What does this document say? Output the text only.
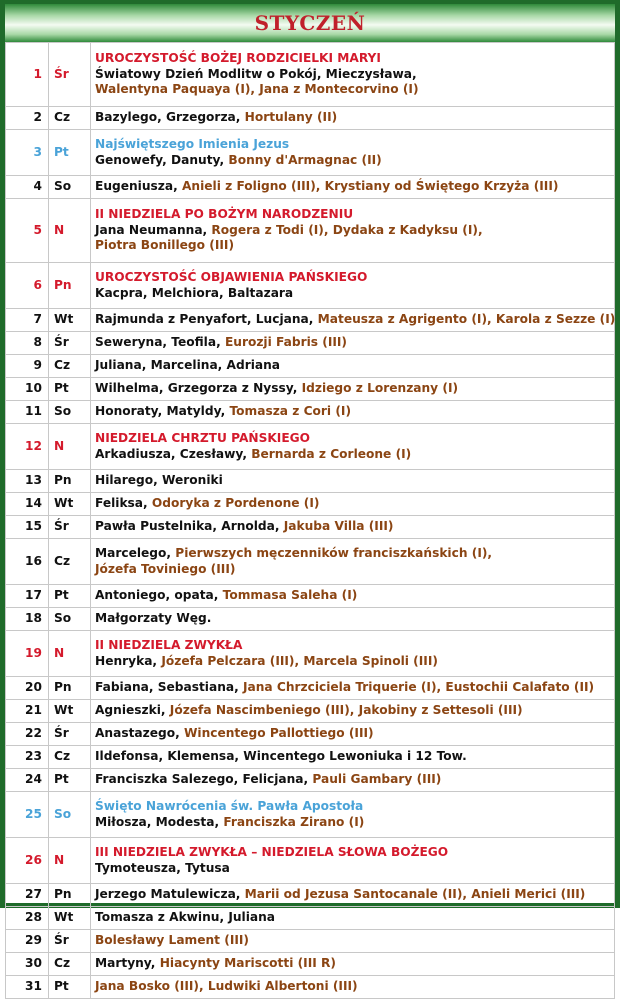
STYCZEŃ
1	Śr	UROCZYSTOŚĆ BOŻEJ RODZICIELKI MARYI
Światowy Dzień Modlitw o Pokój, Mieczysława,
Walentyna Paquaya (I), Jana z Montecorvino (I)

2	Cz	Bazylego, Grzegorza, Hortulany (II)

3	Pt	Najświętszego Imienia Jezus
Genowefy, Danuty, Bonny d'Armagnac (II)

4	So	Eugeniusza, Anieli z Foligno (III), Krystiany od Świętego Krzyża (III)

5	N	II NIEDZIELA PO BOŻYM NARODZENIU
Jana Neumanna, Rogera z Todi (I), Dydaka z Kadyksu (I),
Piotra Bonillego (III)

6	Pn	UROCZYSTOŚĆ OBJAWIENIA PAŃSKIEGO
Kacpra, Melchiora, Baltazara

7	Wt	Rajmunda z Penyafort, Lucjana, Mateusza z Agrigento (I), Karola z Sezze (I)

8	Śr	Seweryna, Teofila, Eurozji Fabris (III)

9	Cz	Juliana, Marcelina, Adriana

10	Pt	Wilhelma, Grzegorza z Nyssy, Idziego z Lorenzany (I)

11	So	Honoraty, Matyldy, Tomasza z Cori (I)

12	N	NIEDZIELA CHRZTU PAŃSKIEGO
Arkadiusza, Czesławy, Bernarda z Corleone (I)

13	Pn	Hilarego, Weroniki

14	Wt	Feliksa, Odoryka z Pordenone (I)

15	Śr	Pawła Pustelnika, Arnolda, Jakuba Villa (III)

16	Cz	Marcelego, Pierwszych męczenników franciszkańskich (I),
Józefa Toviniego (III)

17	Pt	Antoniego, opata, Tommasa Saleha (I)

18	So	Małgorzaty Węg.

19	N	II NIEDZIELA ZWYKŁA
Henryka, Józefa Pelczara (III), Marcela Spinoli (III)

20	Pn	Fabiana, Sebastiana, Jana Chrzciciela Triquerie (I), Eustochii Calafato (II)

21	Wt	Agnieszki, Józefa Nascimbeniego (III), Jakobiny z Settesoli (III)

22	Śr	Anastazego, Wincentego Pallottiego (III)

23	Cz	Ildefonsa, Klemensa, Wincentego Lewoniuka i 12 Tow.

24	Pt	Franciszka Salezego, Felicjana, Pauli Gambary (III)

25	So	Święto Nawrócenia św. Pawła Apostoła
Miłosza, Modesta, Franciszka Zirano (I)

26	N	III NIEDZIELA ZWYKŁA – NIEDZIELA SŁOWA BOŻEGO
Tymoteusza, Tytusa

27	Pn	Jerzego Matulewicza, Marii od Jezusa Santocanale (II), Anieli Merici (III)

28	Wt	Tomasza z Akwinu, Juliana

29	Śr	Bolesławy Lament (III)

30	Cz	Martyny, Hiacynty Mariscotti (III R)

31	Pt	Jana Bosko (III), Ludwiki Albertoni (III)
